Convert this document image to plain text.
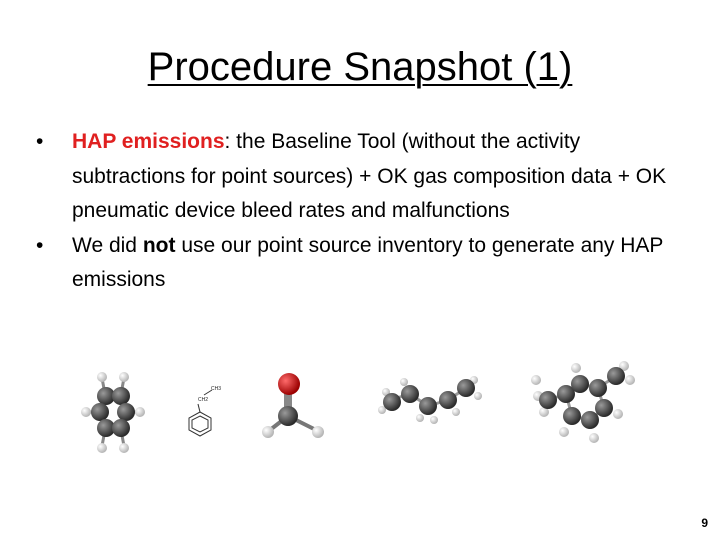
Procedure Snapshot (1)
•	HAP emissions: the Baseline Tool (without the activity subtractions for point sources) + OK gas composition data + OK pneumatic device bleed rates and malfunctions
•	We did not use our point source inventory to generate any HAP emissions
CH3
CH2
9
